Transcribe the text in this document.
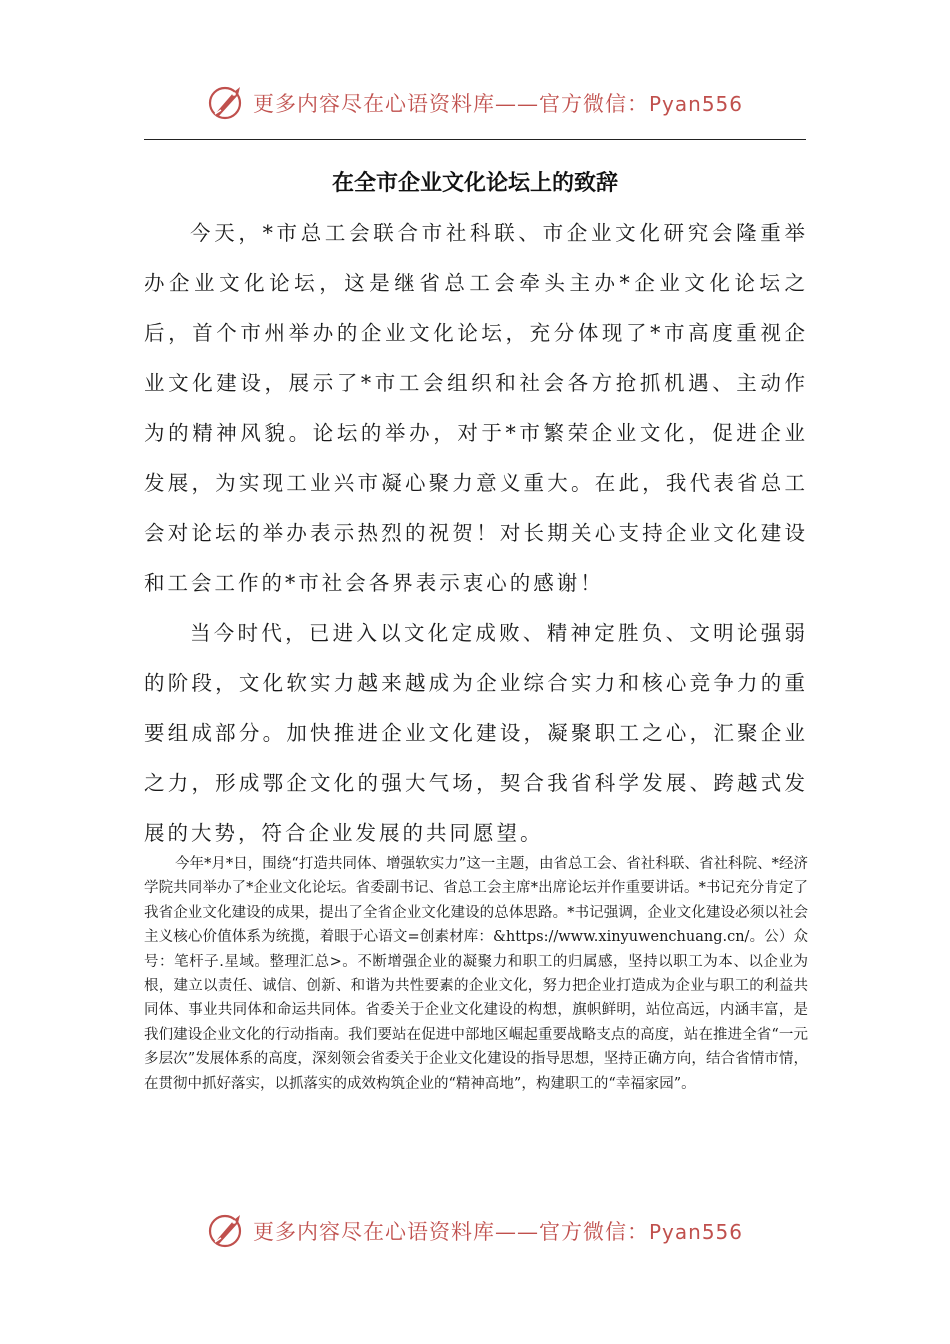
更多内容尽在心语资料库——官方微信：Pyan556
在全市企业文化论坛上的致辞

今天，*市总工会联合市社科联、市企业文化研究会隆重举办企业文化论坛，这是继省总工会牵头主办*企业文化论坛之后，首个市州举办的企业文化论坛，充分体现了*市高度重视企业文化建设，展示了*市工会组织和社会各方抢抓机遇、主动作为的精神风貌。论坛的举办，对于*市繁荣企业文化，促进企业发展，为实现工业兴市凝心聚力意义重大。在此，我代表省总工会对论坛的举办表示热烈的祝贺！对长期关心支持企业文化建设和工会工作的*市社会各界表示衷心的感谢！

当今时代，已进入以文化定成败、精神定胜负、文明论强弱的阶段，文化软实力越来越成为企业综合实力和核心竞争力的重要组成部分。加快推进企业文化建设，凝聚职工之心，汇聚企业之力，形成鄂企文化的强大气场，契合我省科学发展、跨越式发展的大势，符合企业发展的共同愿望。

今年*月*日，围绕“打造共同体、增强软实力”这一主题，由省总工会、省社科联、省社科院、*经济学院共同举办了*企业文化论坛。省委副书记、省总工会主席*出席论坛并作重要讲话。*书记充分肯定了我省企业文化建设的成果，提出了全省企业文化建设的总体思路。*书记强调，企业文化建设必须以社会主义核心价值体系为统揽，着眼于心语文=创素材库：&https://www.xinyuwenchuang.cn/。公）众号：笔杆子.星域。整理汇总>。不断增强企业的凝聚力和职工的归属感，坚持以职工为本、以企业为根，建立以责任、诚信、创新、和谐为共性要素的企业文化，努力把企业打造成为企业与职工的利益共同体、事业共同体和命运共同体。省委关于企业文化建设的构想，旗帜鲜明，站位高远，内涵丰富，是我们建设企业文化的行动指南。我们要站在促进中部地区崛起重要战略支点的高度，站在推进全省“一元多层次”发展体系的高度，深刻领会省委关于企业文化建设的指导思想，坚持正确方向，结合省情市情，在贯彻中抓好落实，以抓落实的成效构筑企业的“精神高地”，构建职工的“幸福家园”。

更多内容尽在心语资料库——官方微信：Pyan556
